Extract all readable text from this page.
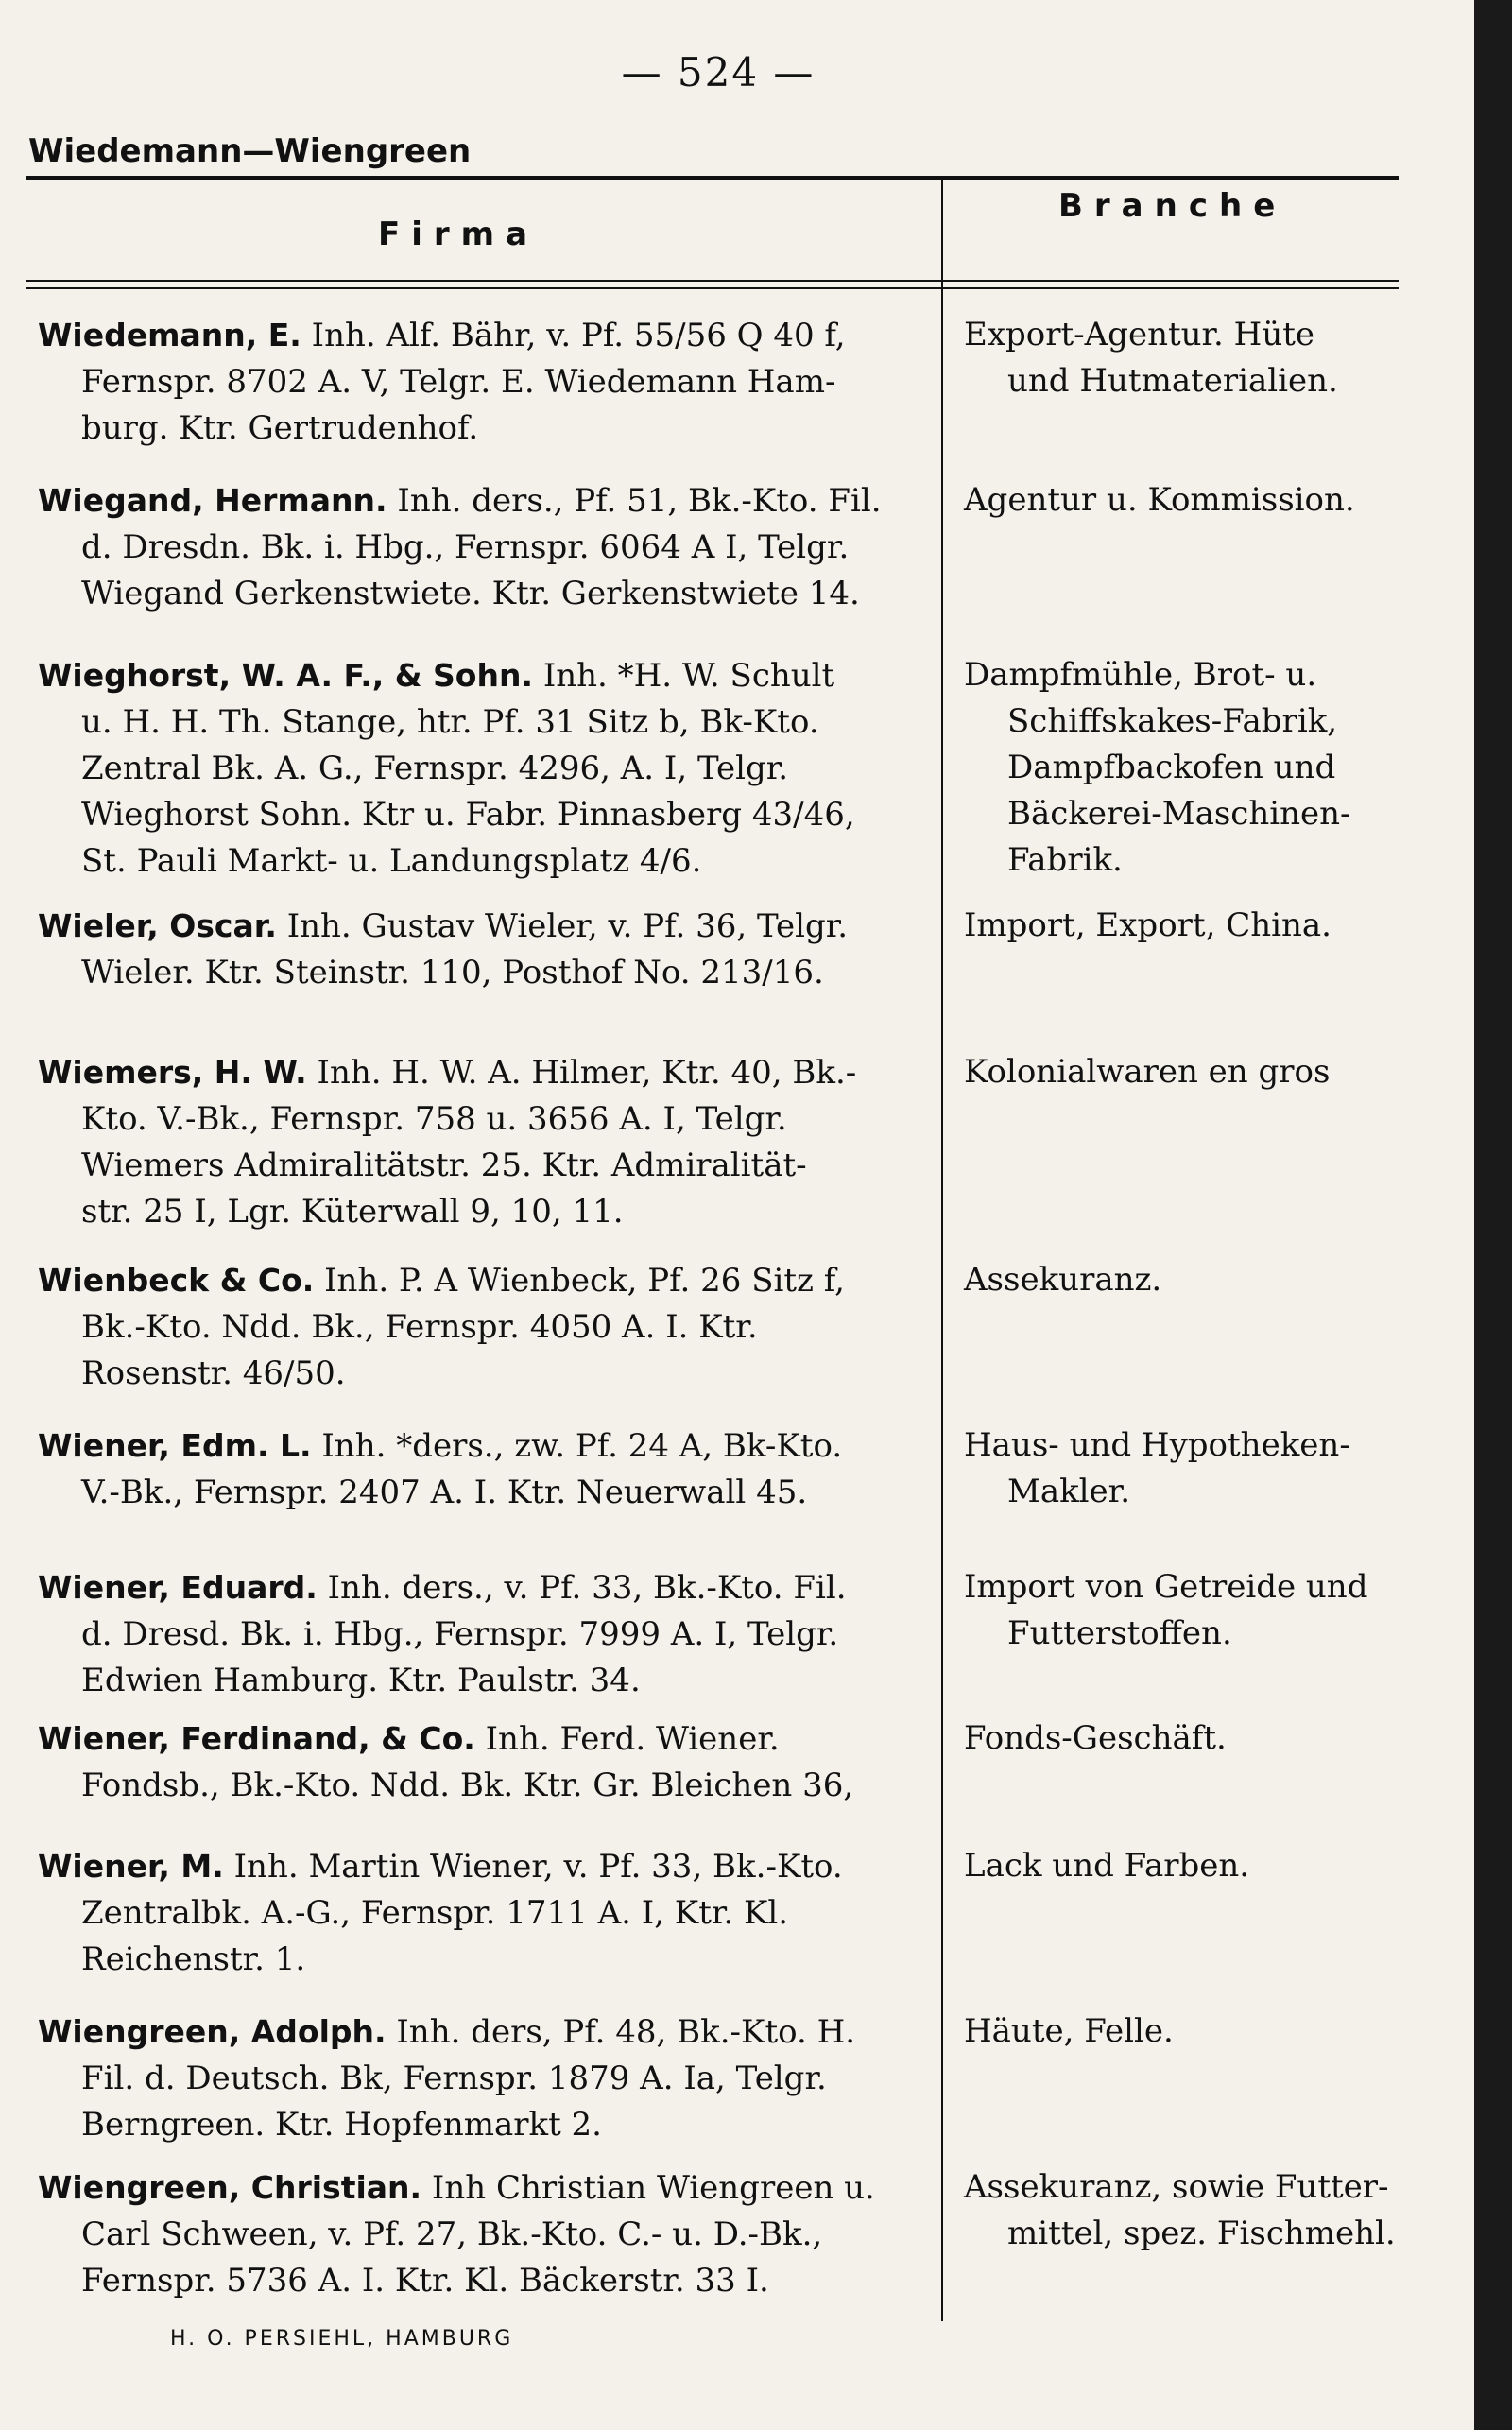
— 524 —
Wiedemann—Wiengreen
Firma
Branche
Wiedemann, E. Inh. Alf. Bähr, v. Pf. 55/56 Q 40 f,
Fernspr. 8702 A. V, Telgr. E. Wiedemann Ham-
burg. Ktr. Gertrudenhof.
Export-Agentur. Hüte
und Hutmaterialien.
Wiegand, Hermann. Inh. ders., Pf. 51, Bk.-Kto. Fil.
d. Dresdn. Bk. i. Hbg., Fernspr. 6064 A I, Telgr.
Wiegand Gerkenstwiete. Ktr. Gerkenstwiete 14.
Agentur u. Kommission.
Wieghorst, W. A. F., & Sohn. Inh. *H. W. Schult
u. H. H. Th. Stange, htr. Pf. 31 Sitz b, Bk-Kto.
Zentral Bk. A. G., Fernspr. 4296, A. I, Telgr.
Wieghorst Sohn. Ktr u. Fabr. Pinnasberg 43/46,
St. Pauli Markt- u. Landungsplatz 4/6.
Dampfmühle, Brot- u.
Schiffskakes-Fabrik,
Dampfbackofen und
Bäckerei-Maschinen-
Fabrik.
Wieler, Oscar. Inh. Gustav Wieler, v. Pf. 36, Telgr.
Wieler. Ktr. Steinstr. 110, Posthof No. 213/16.
Import, Export, China.
Wiemers, H. W. Inh. H. W. A. Hilmer, Ktr. 40, Bk.-
Kto. V.-Bk., Fernspr. 758 u. 3656 A. I, Telgr.
Wiemers Admiralitätstr. 25. Ktr. Admiralität-
str. 25 I, Lgr. Küterwall 9, 10, 11.
Kolonialwaren en gros
Wienbeck & Co. Inh. P. A Wienbeck, Pf. 26 Sitz f,
Bk.-Kto. Ndd. Bk., Fernspr. 4050 A. I. Ktr.
Rosenstr. 46/50.
Assekuranz.
Wiener, Edm. L. Inh. *ders., zw. Pf. 24 A, Bk-Kto.
V.-Bk., Fernspr. 2407 A. I. Ktr. Neuerwall 45.
Haus- und Hypotheken-
Makler.
Wiener, Eduard. Inh. ders., v. Pf. 33, Bk.-Kto. Fil.
d. Dresd. Bk. i. Hbg., Fernspr. 7999 A. I, Telgr.
Edwien Hamburg. Ktr. Paulstr. 34.
Import von Getreide und
Futterstoffen.
Wiener, Ferdinand, & Co. Inh. Ferd. Wiener.
Fondsb., Bk.-Kto. Ndd. Bk. Ktr. Gr. Bleichen 36,
Fonds-Geschäft.
Wiener, M. Inh. Martin Wiener, v. Pf. 33, Bk.-Kto.
Zentralbk. A.-G., Fernspr. 1711 A. I, Ktr. Kl.
Reichenstr. 1.
Lack und Farben.
Wiengreen, Adolph. Inh. ders, Pf. 48, Bk.-Kto. H.
Fil. d. Deutsch. Bk, Fernspr. 1879 A. Ia, Telgr.
Berngreen. Ktr. Hopfenmarkt 2.
Häute, Felle.
Wiengreen, Christian. Inh Christian Wiengreen u.
Carl Schween, v. Pf. 27, Bk.-Kto. C.- u. D.-Bk.,
Fernspr. 5736 A. I. Ktr. Kl. Bäckerstr. 33 I.
Assekuranz, sowie Futter-
mittel, spez. Fischmehl.
H. O. PERSIEHL, HAMBURG
